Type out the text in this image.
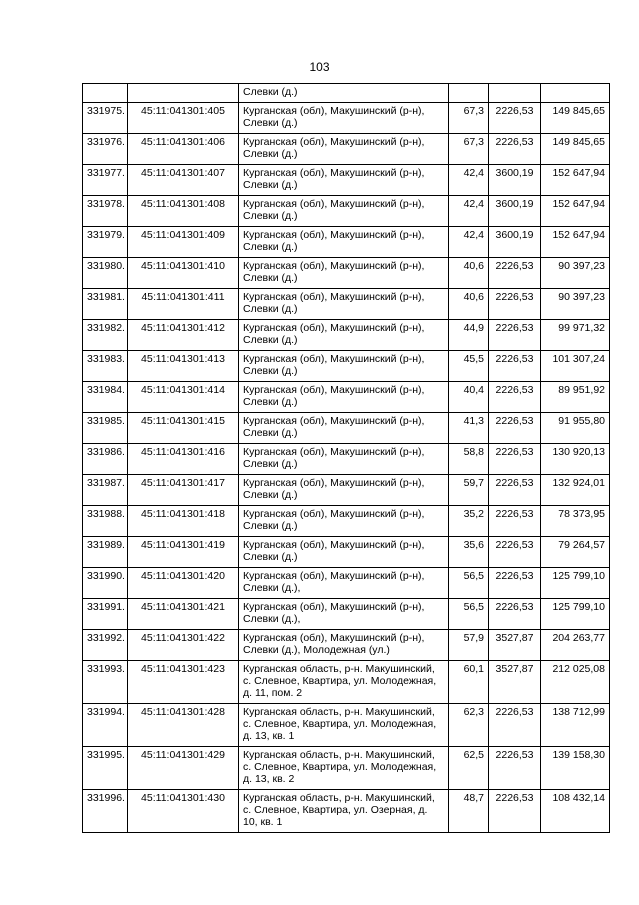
103
		Слевки (д.)			
331975.	45:11:041301:405	Курганская (обл), Макушинский (р-н),
Слевки (д.)	67,3	2226,53	149 845,65
331976.	45:11:041301:406	Курганская (обл), Макушинский (р-н),
Слевки (д.)	67,3	2226,53	149 845,65
331977.	45:11:041301:407	Курганская (обл), Макушинский (р-н),
Слевки (д.)	42,4	3600,19	152 647,94
331978.	45:11:041301:408	Курганская (обл), Макушинский (р-н),
Слевки (д.)	42,4	3600,19	152 647,94
331979.	45:11:041301:409	Курганская (обл), Макушинский (р-н),
Слевки (д.)	42,4	3600,19	152 647,94
331980.	45:11:041301:410	Курганская (обл), Макушинский (р-н),
Слевки (д.)	40,6	2226,53	90 397,23
331981.	45:11:041301:411	Курганская (обл), Макушинский (р-н),
Слевки (д.)	40,6	2226,53	90 397,23
331982.	45:11:041301:412	Курганская (обл), Макушинский (р-н),
Слевки (д.)	44,9	2226,53	99 971,32
331983.	45:11:041301:413	Курганская (обл), Макушинский (р-н),
Слевки (д.)	45,5	2226,53	101 307,24
331984.	45:11:041301:414	Курганская (обл), Макушинский (р-н),
Слевки (д.)	40,4	2226,53	89 951,92
331985.	45:11:041301:415	Курганская (обл), Макушинский (р-н),
Слевки (д.)	41,3	2226,53	91 955,80
331986.	45:11:041301:416	Курганская (обл), Макушинский (р-н),
Слевки (д.)	58,8	2226,53	130 920,13
331987.	45:11:041301:417	Курганская (обл), Макушинский (р-н),
Слевки (д.)	59,7	2226,53	132 924,01
331988.	45:11:041301:418	Курганская (обл), Макушинский (р-н),
Слевки (д.)	35,2	2226,53	78 373,95
331989.	45:11:041301:419	Курганская (обл), Макушинский (р-н),
Слевки (д.)	35,6	2226,53	79 264,57
331990.	45:11:041301:420	Курганская (обл), Макушинский (р-н),
Слевки (д.),	56,5	2226,53	125 799,10
331991.	45:11:041301:421	Курганская (обл), Макушинский (р-н),
Слевки (д.),	56,5	2226,53	125 799,10
331992.	45:11:041301:422	Курганская (обл), Макушинский (р-н),
Слевки (д.), Молодежная (ул.)	57,9	3527,87	204 263,77
331993.	45:11:041301:423	Курганская область, р-н. Макушинский,
с. Слевное, Квартира, ул. Молодежная,
д. 11, пом. 2	60,1	3527,87	212 025,08
331994.	45:11:041301:428	Курганская область, р-н. Макушинский,
с. Слевное, Квартира, ул. Молодежная,
д. 13, кв. 1	62,3	2226,53	138 712,99
331995.	45:11:041301:429	Курганская область, р-н. Макушинский,
с. Слевное, Квартира, ул. Молодежная,
д. 13, кв. 2	62,5	2226,53	139 158,30
331996.	45:11:041301:430	Курганская область, р-н. Макушинский,
с. Слевное, Квартира, ул. Озерная, д.
10, кв. 1	48,7	2226,53	108 432,14
